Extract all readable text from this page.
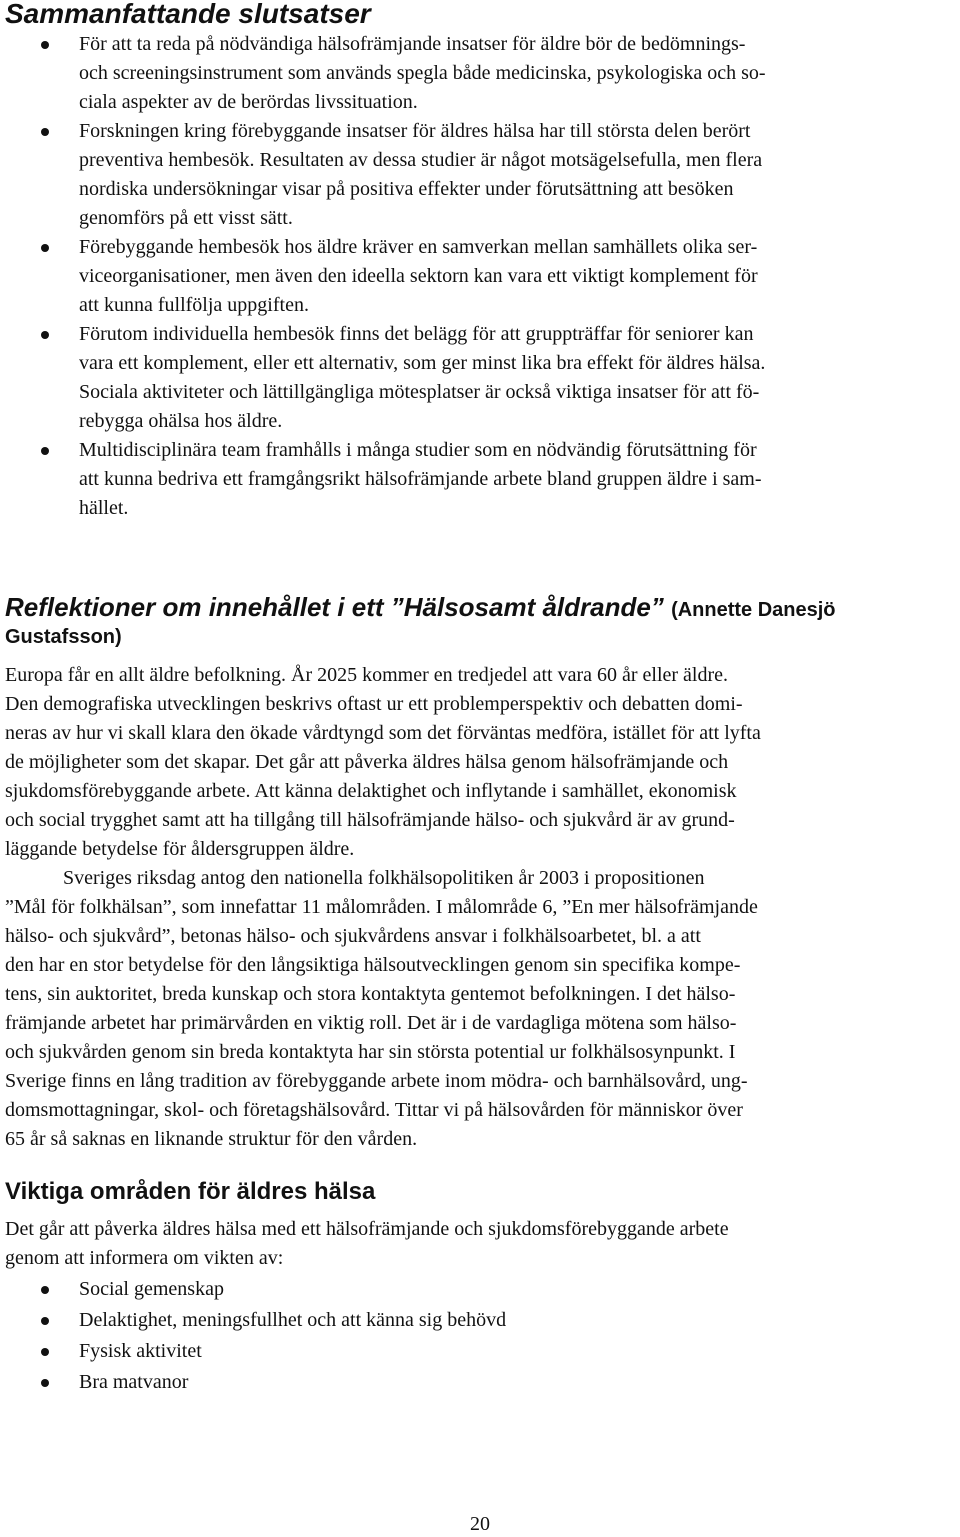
Sammanfattande slutsatser
För att ta reda på nödvändiga hälsofrämjande insatser för äldre bör de bedömnings-
och screeningsinstrument som används spegla både medicinska, psykologiska och so-
ciala aspekter av de berördas livssituation.
Forskningen kring förebyggande insatser för äldres hälsa har till största delen berört
preventiva hembesök. Resultaten av dessa studier är något motsägelsefulla, men flera
nordiska undersökningar visar på positiva effekter under förutsättning att besöken
genomförs på ett visst sätt.
Förebyggande hembesök hos äldre kräver en samverkan mellan samhällets olika ser-
viceorganisationer, men även den ideella sektorn kan vara ett viktigt komplement för
att kunna fullfölja uppgiften.
Förutom individuella hembesök finns det belägg för att gruppträffar för seniorer kan
vara ett komplement, eller ett alternativ, som ger minst lika bra effekt för äldres hälsa.
Sociala aktiviteter och lättillgängliga mötesplatser är också viktiga insatser för att fö-
rebygga ohälsa hos äldre.
Multidisciplinära team framhålls i många studier som en nödvändig förutsättning för
att kunna bedriva ett framgångsrikt hälsofrämjande arbete bland gruppen äldre i sam-
hället.
Reflektioner om innehållet i ett ”Hälsosamt åldrande” (Annette Danesjö
Gustafsson)

Europa får en allt äldre befolkning. År 2025 kommer en tredjedel att vara 60 år eller äldre.
Den demografiska utvecklingen beskrivs oftast ur ett problemperspektiv och debatten domi-
neras av hur vi skall klara den ökade vårdtyngd som det förväntas medföra, istället för att lyfta
de möjligheter som det skapar. Det går att påverka äldres hälsa genom hälsofrämjande och
sjukdomsförebyggande arbete. Att känna delaktighet och inflytande i samhället, ekonomisk
och social trygghet samt att ha tillgång till hälsofrämjande hälso- och sjukvård är av grund-
läggande betydelse för åldersgruppen äldre.

Sveriges riksdag antog den nationella folkhälsopolitiken år 2003 i propositionen
”Mål för folkhälsan”, som innefattar 11 målområden. I målområde 6, ”En mer hälsofrämjande
hälso- och sjukvård”, betonas hälso- och sjukvårdens ansvar i folkhälsoarbetet, bl. a att
den har en stor betydelse för den långsiktiga hälsoutvecklingen genom sin specifika kompe-
tens, sin auktoritet, breda kunskap och stora kontaktyta gentemot befolkningen. I det hälso-
främjande arbetet har primärvården en viktig roll. Det är i de vardagliga mötena som hälso-
och sjukvården genom sin breda kontaktyta har sin största potential ur folkhälsosynpunkt. I
Sverige finns en lång tradition av förebyggande arbete inom mödra- och barnhälsovård, ung-
domsmottagningar, skol- och företagshälsovård. Tittar vi på hälsovården för människor över
65 år så saknas en liknande struktur för den vården.

Viktiga områden för äldres hälsa

Det går att påverka äldres hälsa med ett hälsofrämjande och sjukdomsförebyggande arbete
genom att informera om vikten av:

Social gemenskap
Delaktighet, meningsfullhet och att känna sig behövd
Fysisk aktivitet
Bra matvanor

20
